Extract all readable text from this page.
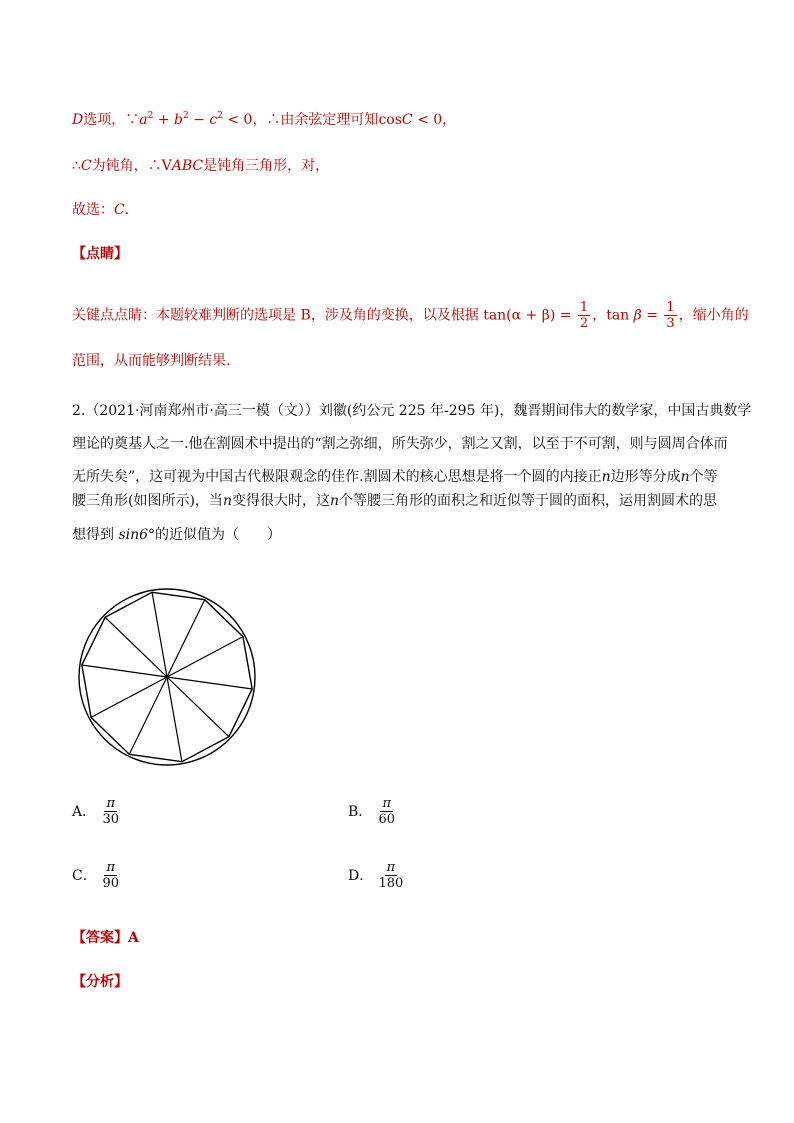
D选项，$\because a^2 + b^2 - c^2 < 0$，∴由余弦定理可知cosC < 0，
∴C为钝角，∴VABC是钝角三角形，对，
故选：C.
【点睛】
关键点点睛：本题较难判断的选项是 B，涉及角的变换，以及根据 $\tan(\alpha + \beta) = \frac{1}{2}$ ，$\tan \beta = \frac{1}{3}$ ，缩小角的
范围，从而能够判断结果.
2.（2021·河南郑州市·高三一模（文））刘徽(约公元 225 年-295 年)，魏晋期间伟大的数学家，中国古典数学
理论的奠基人之一.他在割圆术中提出的“割之弥细，所失弥少，割之又割，以至于不可割，则与圆周合体而
无所失矣”，这可视为中国古代极限观念的佳作.割圆术的核心思想是将一个圆的内接正n边形等分成n个等
腰三角形(如图所示)，当n变得很大时，这n个等腰三角形的面积之和近似等于圆的面积，运用割圆术的思
想得到 sin6°的近似值为（　　）
A． $\frac{\pi}{30}$	B． $\frac{\pi}{60}$
C． $\frac{\pi}{90}$	D． $\frac{\pi}{180}$
【答案】A
【分析】
